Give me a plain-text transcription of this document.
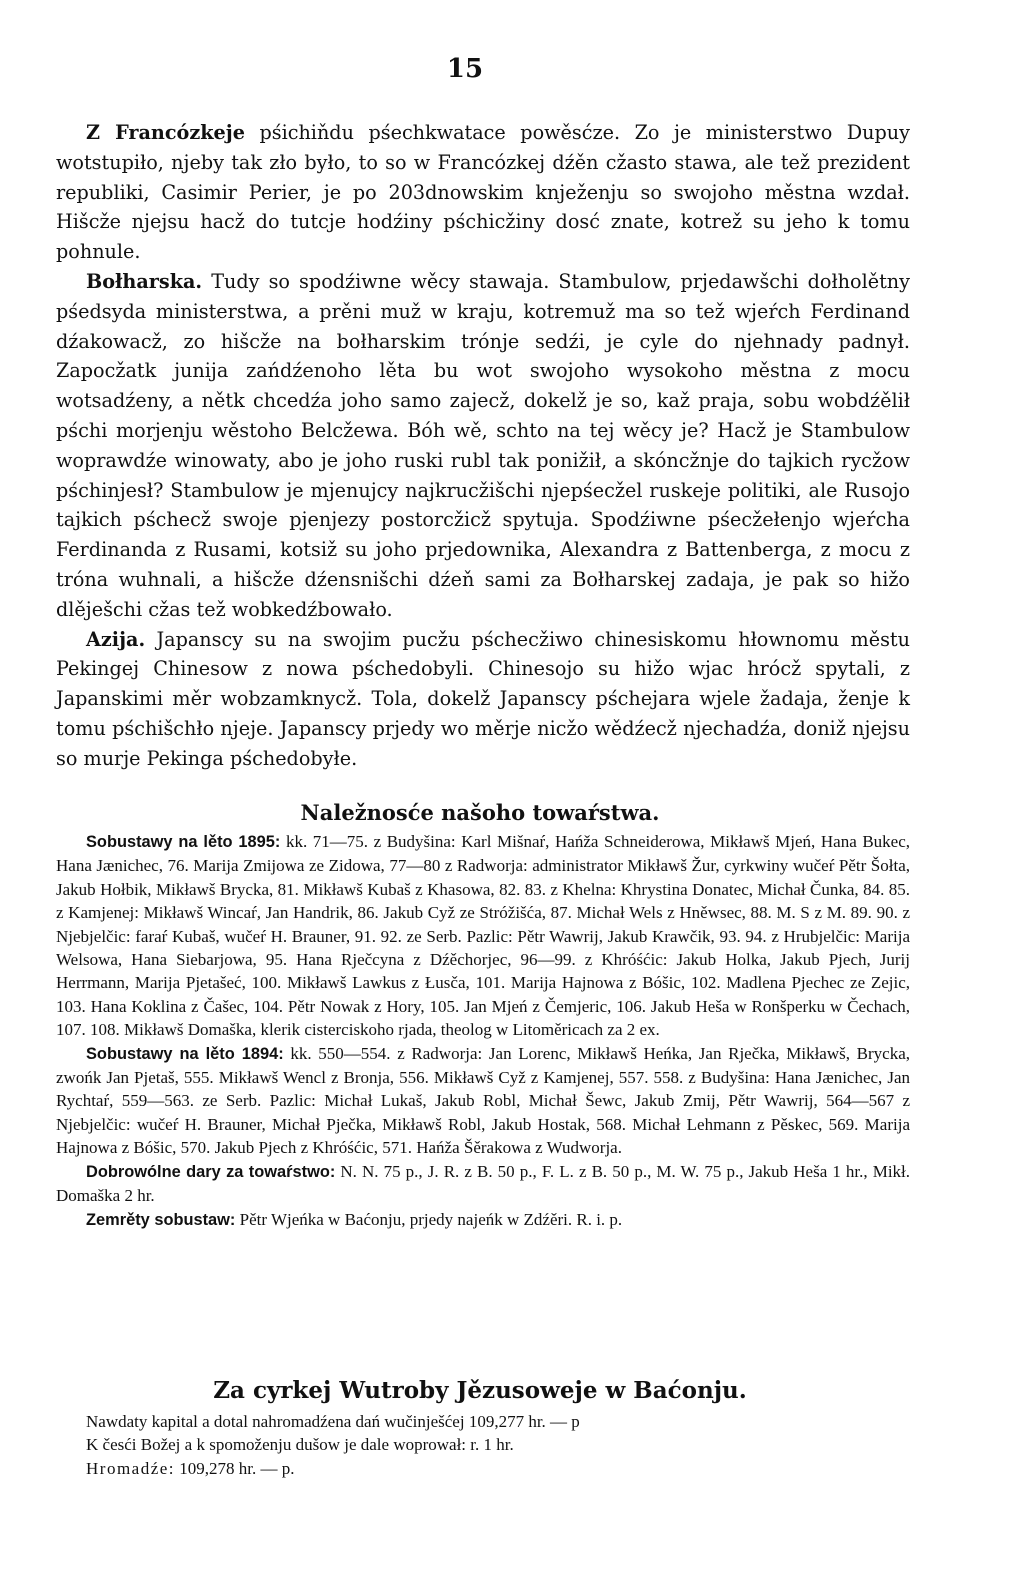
15

Z Francózkeje pśichiňdu pśechkwatace powěsćze. Zo je ministerstwo Dupuy wotstupiło, njeby tak zło było, to so w Francózkej dźěn cžasto stawa, ale tež prezident republiki, Casimir Perier, je po 203dnowskim knježenju so swojoho městna wzdał. Hišcže njejsu hacž do tutcje hodźiny pśchicžiny dosć znate, kotrež su jeho k tomu pohnule.

Bołharska. Tudy so spodźiwne wěcy stawaja. Stambulow, prjedawšchi dołholětny pśedsyda ministerstwa, a prěni muž w kraju, kotremuž ma so tež wjeŕch Ferdinand dźakowacž, zo hišcže na bołharskim trónje sedźi, je cyle do njehnady padnył. Zapocžatk junija zańdźenoho lěta bu wot swojoho wysokoho městna z mocu wotsadźeny, a nětk chcedźa joho samo zajecž, dokelž je so, kaž praja, sobu wobdźělił pśchi morjenju wěstoho Belcžewa. Bóh wě, schto na tej wěcy je? Hacž je Stambulow woprawdźe winowaty, abo je joho ruski rubl tak ponižił, a skóncžnje do tajkich rycžow pśchinjesł? Stambulow je mjenujcy najkrucžišchi njepśecžel ruskeje politiki, ale Rusojo tajkich pśchecž swoje pjenjezy postorcžicž spytuja. Spodźiwne pśecžełenjo wjeŕcha Ferdinanda z Rusami, kotsiž su joho prjedownika, Alexandra z Battenberga, z mocu z tróna wuhnali, a hišcže dźensnišchi dźeň sami za Bołharskej zadaja, je pak so hižo dlěješchi cžas tež wobkedźbowało.

Azija. Japanscy su na swojim pucžu pśchecžiwo chinesiskomu hłownomu městu Pekingej Chinesow z nowa pśchedobyli. Chinesojo su hižo wjac hrócž spytali, z Japanskimi měr wobzamknycž. Tola, dokelž Japanscy pśchejara wjele žadaja, ženje k tomu pśchišchło njeje. Japanscy prjedy wo měrje nicžo wědźecž njechadźa, doniž njejsu so murje Pekinga pśchedobyłe.

Naležnosće našoho towaŕstwa.

Sobustawy na lěto 1895: kk. 71—75. z Budyšina: Karl Mišnaŕ, Hańža Schneiderowa, Mikławš Mjeń, Hana Bukec, Hana Jænichec, 76. Marija Zmijowa ze Zidowa, 77—80 z Radworja: administrator Mikławš Žur, cyrkwiny wučeŕ Pětr Šołta, Jakub Hołbik, Mikławš Brycka, 81. Mikławš Kubaš z Khasowa, 82. 83. z Khelna: Khrystina Donatec, Michał Čunka, 84. 85. z Kamjenej: Mikławš Wincaŕ, Jan Handrik, 86. Jakub Cyž ze Stróžišća, 87. Michał Wels z Hněwsec, 88. M. S z M. 89. 90. z Njebjelčic: faraŕ Kubaš, wučeŕ H. Brauner, 91. 92. ze Serb. Pazlic: Pětr Wawrij, Jakub Krawčik, 93. 94. z Hrubjelčic: Marija Welsowa, Hana Siebarjowa, 95. Hana Rječcyna z Dźěchorjec, 96—99. z Khróśćic: Jakub Holka, Jakub Pjech, Jurij Herrmann, Marija Pjetašeć, 100. Mikławš Lawkus z Łusča, 101. Marija Hajnowa z Bóšic, 102. Madlena Pjechec ze Zejic, 103. Hana Koklina z Čašec, 104. Pětr Nowak z Hory, 105. Jan Mjeń z Čemjeric, 106. Jakub Heša w Ronšperku w Čechach, 107. 108. Mikławš Domaška, klerik cisterciskoho rjada, theolog w Litoměricach za 2 ex.

Sobustawy na lěto 1894: kk. 550—554. z Radworja: Jan Lorenc, Mikławš Heńka, Jan Rječka, Mikławš, Brycka, zwońk Jan Pjetaš, 555. Mikławš Wencl z Bronja, 556. Mikławš Cyž z Kamjenej, 557. 558. z Budyšina: Hana Jænichec, Jan Rychtaŕ, 559—563. ze Serb. Pazlic: Michał Lukaš, Jakub Robl, Michał Šewc, Jakub Zmij, Pětr Wawrij, 564—567 z Njebjelčic: wučeŕ H. Brauner, Michał Pječka, Mikławš Robl, Jakub Hostak, 568. Michał Lehmann z Pěskec, 569. Marija Hajnowa z Bóšic, 570. Jakub Pjech z Khróśćic, 571. Hańža Šěrakowa z Wudworja.

Dobrowólne dary za towaŕstwo: N. N. 75 p., J. R. z B. 50 p., F. L. z B. 50 p., M. W. 75 p., Jakub Heša 1 hr., Mikł. Domaška 2 hr.

Zemrěty sobustaw: Pětr Wjeńka w Baćonju, prjedy najeńk w Zdźěri. R. i. p.

Za cyrkej Wutroby Jězusoweje w Baćonju.

Nawdaty kapital a dotal nahromadźena dań wučinješćej 109,277 hr. — p

K česći Božej a k spomoženju dušow je dale woprował: r. 1 hr.

Hromadźe: 109,278 hr. — p.
